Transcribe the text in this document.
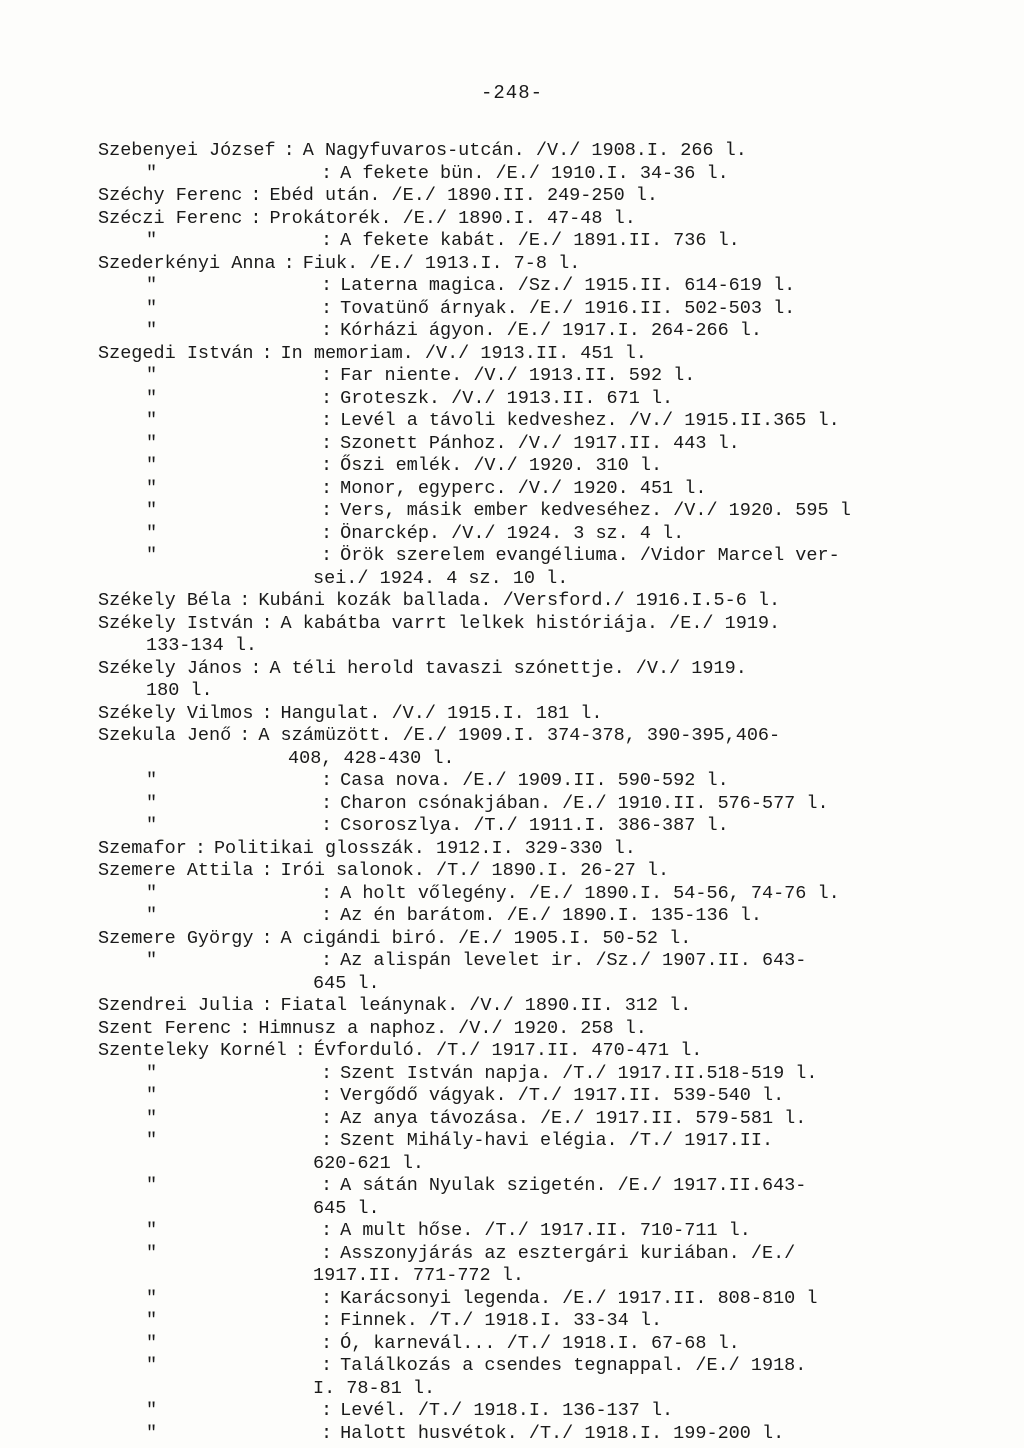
-248-
Szebenyei József : A Nagyfuvaros-utcán. /V./ 1908.I. 266 l.
"	: A fekete bün. /E./ 1910.I. 34-36 l.
Széchy Ferenc : Ebéd után. /E./ 1890.II. 249-250 l.
Széczi Ferenc : Prokátorék. /E./ 1890.I. 47-48 l.
"	: A fekete kabát. /E./ 1891.II. 736 l.
Szederkényi Anna : Fiuk. /E./ 1913.I. 7-8 l.
"	: Laterna magica. /Sz./ 1915.II. 614-619 l.
"	: Tovatünő árnyak. /E./ 1916.II. 502-503 l.
"	: Kórházi ágyon. /E./ 1917.I. 264-266 l.
Szegedi István : In memoriam. /V./ 1913.II. 451 l.
"	: Far niente. /V./ 1913.II. 592 l.
"	: Groteszk. /V./ 1913.II. 671 l.
"	: Levél a távoli kedveshez. /V./ 1915.II.365 l.
"	: Szonett Pánhoz. /V./ 1917.II. 443 l.
"	: Őszi emlék. /V./ 1920. 310 l.
"	: Monor, egyperc. /V./ 1920. 451 l.
"	: Vers, másik ember kedveséhez. /V./ 1920. 595 l
"	: Önarckép. /V./ 1924. 3 sz. 4 l.
"	: Örök szerelem evangéliuma. /Vidor Marcel ver-
sei./ 1924. 4 sz. 10 l.
Székely Béla : Kubáni kozák ballada. /Versford./ 1916.I.5-6 l.
Székely István : A kabátba varrt lelkek históriája. /E./ 1919.
133-134 l.
Székely János : A téli herold tavaszi szónettje. /V./ 1919.
180 l.
Székely Vilmos : Hangulat. /V./ 1915.I. 181 l.
Szekula Jenő : A számüzött. /E./ 1909.I. 374-378, 390-395,406-
408, 428-430 l.
"	: Casa nova. /E./ 1909.II. 590-592 l.
"	: Charon csónakjában. /E./ 1910.II. 576-577 l.
"	: Csoroszlya. /T./ 1911.I. 386-387 l.
Szemafor : Politikai glosszák. 1912.I. 329-330 l.
Szemere Attila : Irói salonok. /T./ 1890.I. 26-27 l.
"	: A holt vőlegény. /E./ 1890.I. 54-56, 74-76 l.
"	: Az én barátom. /E./ 1890.I. 135-136 l.
Szemere György : A cigándi biró. /E./ 1905.I. 50-52 l.
"	: Az alispán levelet ir. /Sz./ 1907.II. 643-
645 l.
Szendrei Julia : Fiatal leánynak. /V./ 1890.II. 312 l.
Szent Ferenc : Himnusz a naphoz. /V./ 1920. 258 l.
Szenteleky Kornél : Évforduló. /T./ 1917.II. 470-471 l.
"	: Szent István napja. /T./ 1917.II.518-519 l.
"	: Vergődő vágyak. /T./ 1917.II. 539-540 l.
"	: Az anya távozása. /E./ 1917.II. 579-581 l.
"	: Szent Mihály-havi elégia. /T./ 1917.II.
620-621 l.
"	: A sátán Nyulak szigetén. /E./ 1917.II.643-
645 l.
"	: A mult hőse. /T./ 1917.II. 710-711 l.
"	: Asszonyjárás az esztergári kuriában. /E./
1917.II. 771-772 l.
"	: Karácsonyi legenda. /E./ 1917.II. 808-810 l
"	: Finnek. /T./ 1918.I. 33-34 l.
"	: Ó, karnevál... /T./ 1918.I. 67-68 l.
"	: Találkozás a csendes tegnappal. /E./ 1918.
I. 78-81 l.
"	: Levél. /T./ 1918.I. 136-137 l.
"	: Halott husvétok. /T./ 1918.I. 199-200 l.
